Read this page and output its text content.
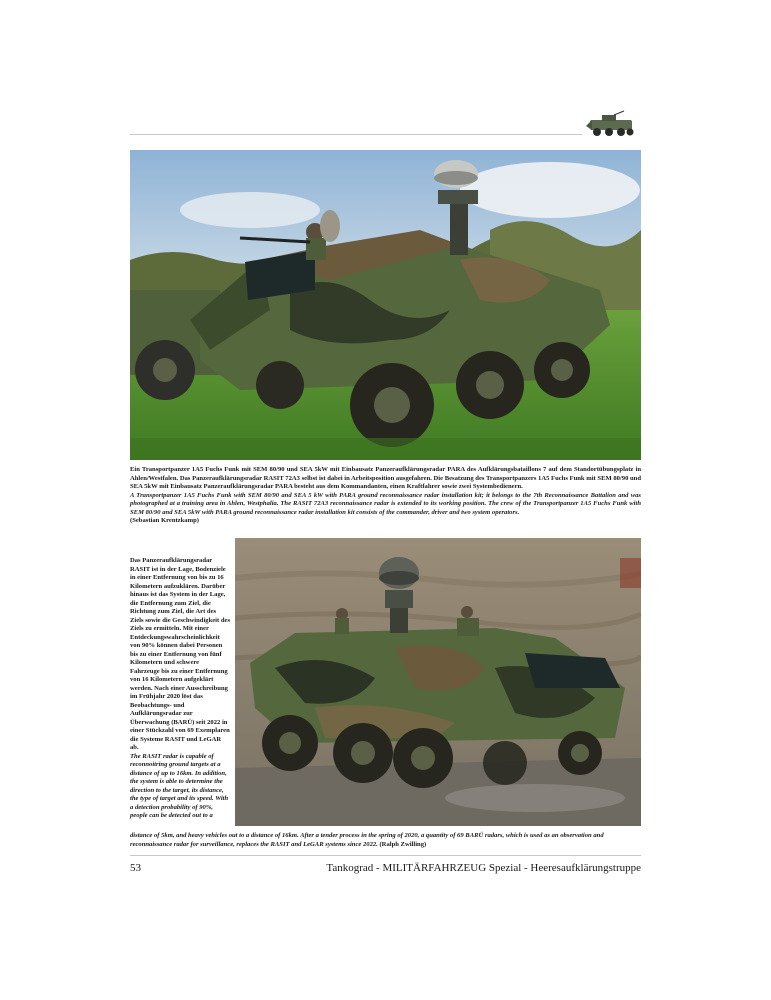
Ein Transportpanzer 1A5 Fuchs Funk mit SEM 80/90 und SEA 5kW mit Einbausatz Panzeraufklärungsradar PARA des Aufklärungsbataillons 7 auf dem Standortübungsplatz in Ahlen/Westfalen. Das Panzeraufklärungsradar RASIT 72A3 selbst ist dabei in Arbeitsposition ausgefahren. Die Besatzung des Transportpanzers 1A5 Fuchs Funk mit SEM 80/90 und SEA 5kW mit Einbausatz Panzeraufklärungsradar PARA besteht aus dem Kommandanten, einen Kraftfahrer sowie zwei Systembedienern.
A Transportpanzer 1A5 Fuchs Funk with SEM 80/90 and SEA 5 kW with PARA ground reconnaissance radar installation kit; it belongs to the 7th Reconnaissance Battalion and was photographed at a training area in Ahlen, Westphalia. The RASIT 72A3 reconnaissance radar is extended to its working position. The crew of the Transportpanzer 1A5 Fuchs Funk with SEM 80/90 and SEA 5kW with PARA ground reconnaissance radar installation kit consists of the commander, driver and two system operators.
(Sebastian Krentzkamp)
Das Panzeraufklärungsradar RASIT ist in der Lage, Bodenziele in einer Entfernung von bis zu 16 Kilometern aufzuklären. Darüber hinaus ist das System in der Lage, die Entfernung zum Ziel, die Richtung zum Ziel, die Art des Ziels sowie die Geschwindigkeit des Ziels zu ermitteln. Mit einer Entdeckungswahrscheinlichkeit von 90% können dabei Personen bis zu einer Entfernung von fünf Kilometern und schwere Fahrzeuge bis zu einer Entfernung von 16 Kilometern aufgeklärt werden. Nach einer Ausschreibung im Frühjahr 2020 löst das Beobachtungs- und Aufklärungsradar zur Überwachung (BARÜ) seit 2022 in einer Stückzahl von 69 Exemplaren die Systeme RASIT und LeGAR ab.
The RASIT radar is capable of reconnoitring ground targets at a distance of up to 16km. In addition, the system is able to determine the direction to the target, its distance, the type of target and its speed. With a detection probability of 90%, people can be detected out to a
distance of 5km, and heavy vehicles out to a distance of 16km. After a tender process in the spring of 2020, a quantity of 69 BARÜ radars, which is used as an observation and reconnaissance radar for surveillance, replaces the RASIT and LeGAR systems since 2022. (Ralph Zwilling)
53	Tankograd - MILITÄRFAHRZEUG Spezial - Heeresaufklärungstruppe
